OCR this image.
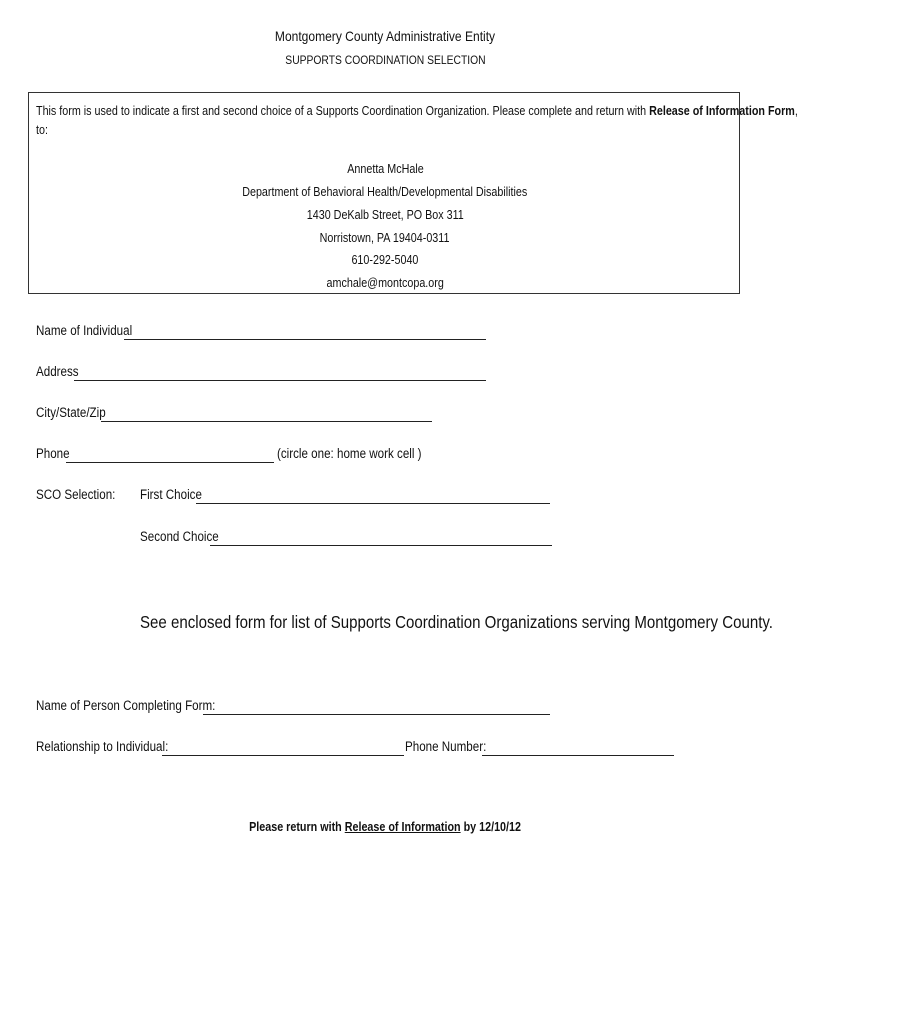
Montgomery County Administrative Entity
SUPPORTS COORDINATION SELECTION
This form is used to indicate a first and second choice of a Supports Coordination Organization. Please complete and return with Release of Information Form,
to:
Annetta McHale
Department of Behavioral Health/Developmental Disabilities
1430 DeKalb Street, PO Box 311
Norristown, PA 19404-0311
610-292-5040
amchale@montcopa.org
Name of Individual
Address
City/State/Zip
Phone	(circle one: home work cell )
SCO Selection:	First Choice
Second Choice
See enclosed form for list of Supports Coordination Organizations serving Montgomery County.
Name of Person Completing Form:
Relationship to Individual:	Phone Number:
Please return with Release of Information by 12/10/12
